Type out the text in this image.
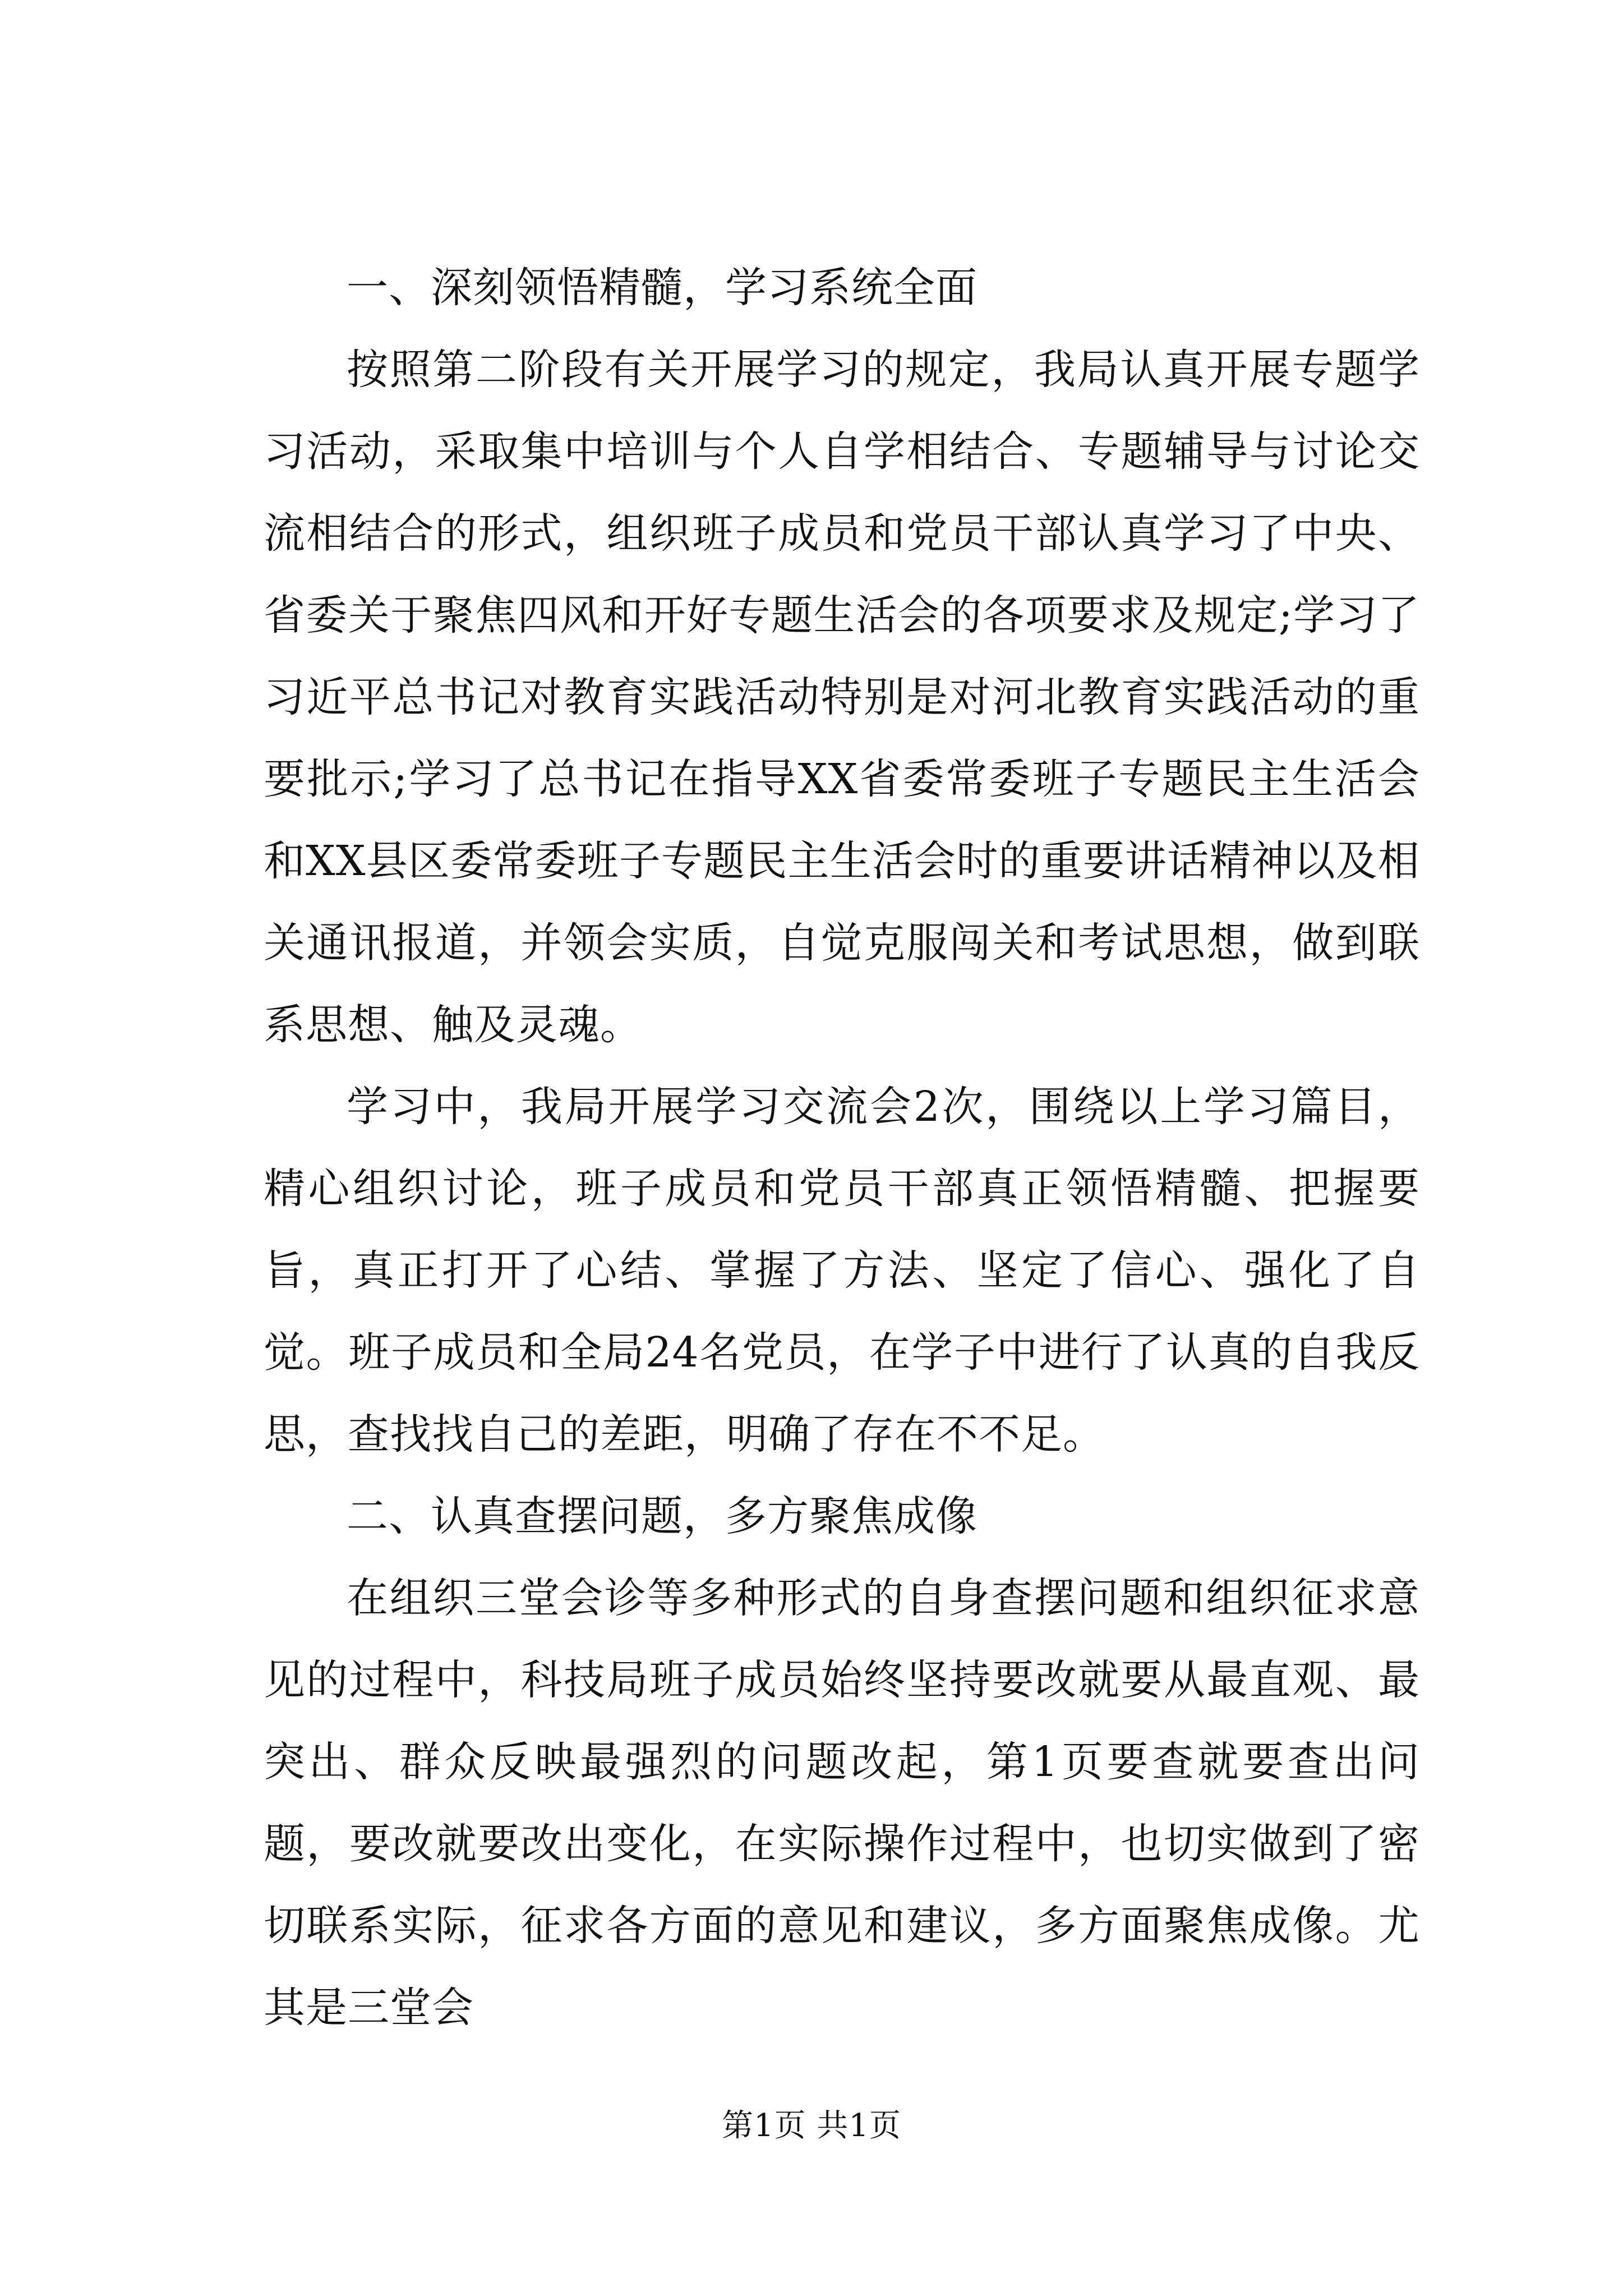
一、深刻领悟精髓，学习系统全面

按照第二阶段有关开展学习的规定，我局认真开展专题学习活动，采取集中培训与个人自学相结合、专题辅导与讨论交流相结合的形式，组织班子成员和党员干部认真学习了中央、省委关于聚焦四风和开好专题生活会的各项要求及规定;学习了习近平总书记对教育实践活动特别是对河北教育实践活动的重要批示;学习了总书记在指导XX省委常委班子专题民主生活会和XX县区委常委班子专题民主生活会时的重要讲话精神以及相关通讯报道，并领会实质，自觉克服闯关和考试思想，做到联系思想、触及灵魂。

学习中，我局开展学习交流会2次，围绕以上学习篇目，精心组织讨论，班子成员和党员干部真正领悟精髓、把握要旨，真正打开了心结、掌握了方法、坚定了信心、强化了自觉。班子成员和全局24名党员，在学子中进行了认真的自我反思，查找找自己的差距，明确了存在不不足。

二、认真查摆问题，多方聚焦成像

在组织三堂会诊等多种形式的自身查摆问题和组织征求意见的过程中，科技局班子成员始终坚持要改就要从最直观、最突出、群众反映最强烈的问题改起，第1页要查就要查出问题，要改就要改出变化，在实际操作过程中，也切实做到了密切联系实际，征求各方面的意见和建议，多方面聚焦成像。尤其是三堂会

第1页 共1页
